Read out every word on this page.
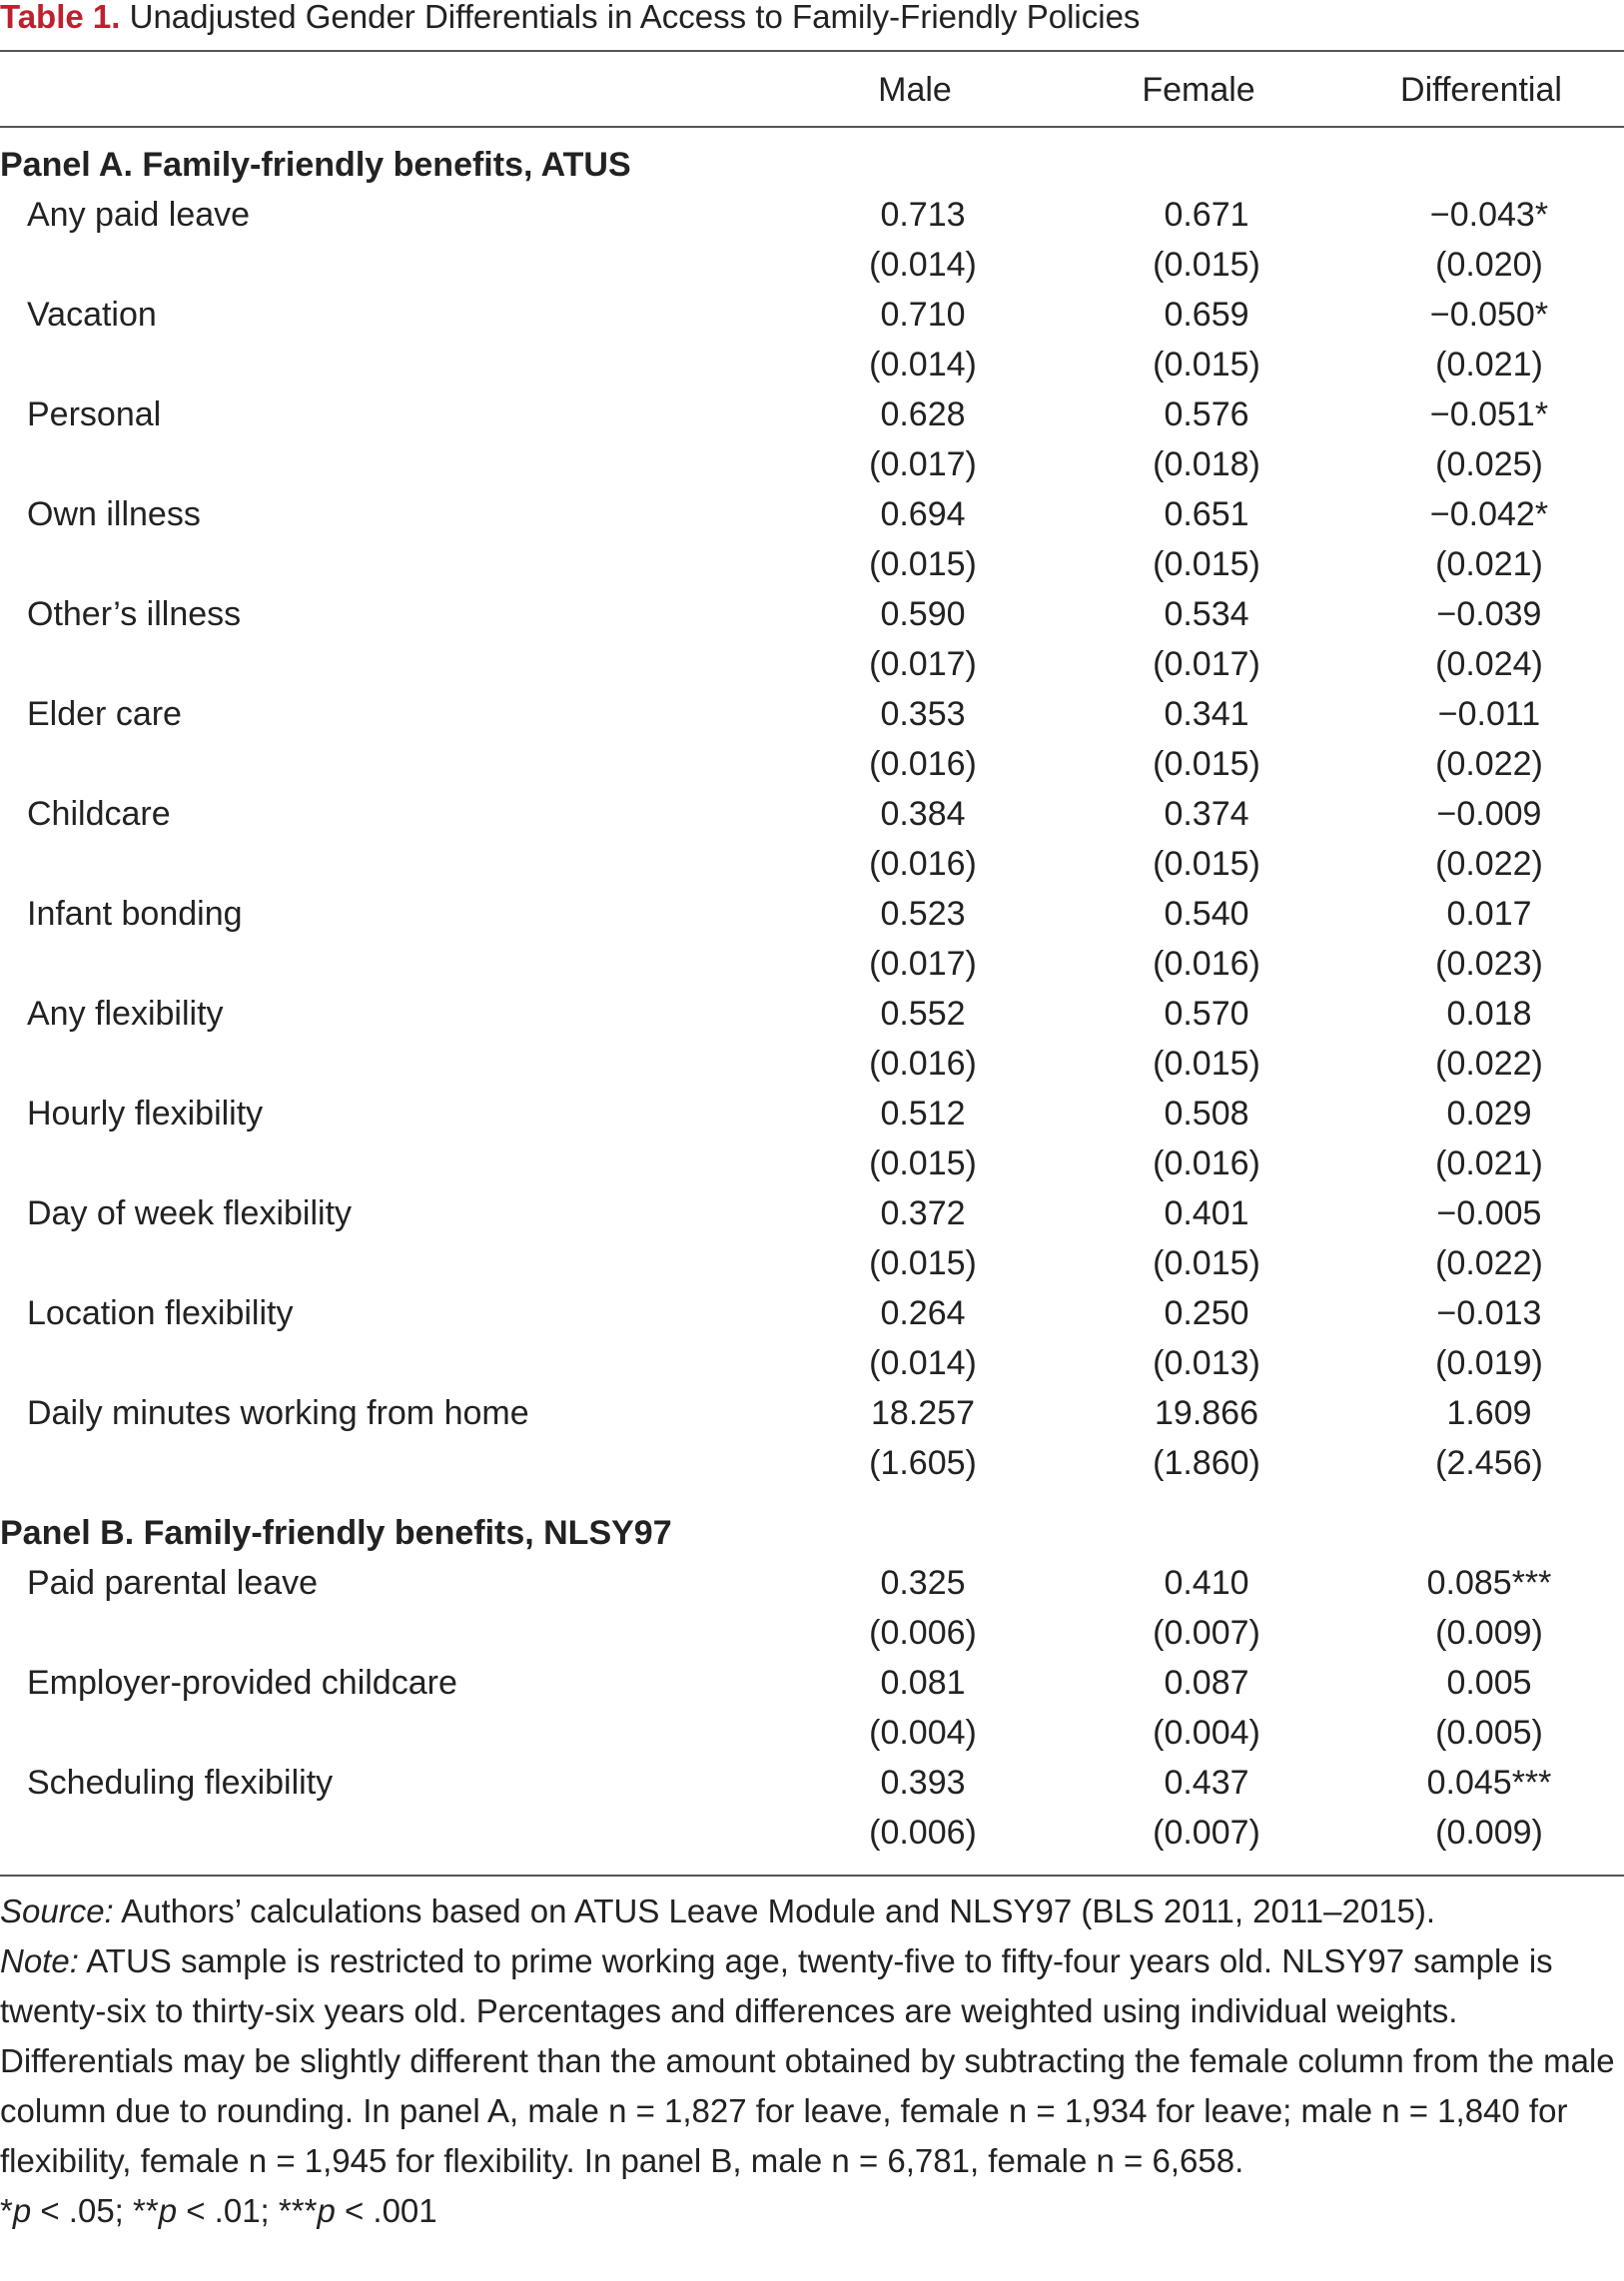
Table 1. Unadjusted Gender Differentials in Access to Family-Friendly Policies
Male	Female	Differential
Panel A. Family-friendly benefits, ATUS
Any paid leave	0.713	0.671	−0.043*
(0.014)	(0.015)	(0.020)
Vacation	0.710	0.659	−0.050*
(0.014)	(0.015)	(0.021)
Personal	0.628	0.576	−0.051*
(0.017)	(0.018)	(0.025)
Own illness	0.694	0.651	−0.042*
(0.015)	(0.015)	(0.021)
Other’s illness	0.590	0.534	−0.039
(0.017)	(0.017)	(0.024)
Elder care	0.353	0.341	−0.011
(0.016)	(0.015)	(0.022)
Childcare	0.384	0.374	−0.009
(0.016)	(0.015)	(0.022)
Infant bonding	0.523	0.540	0.017
(0.017)	(0.016)	(0.023)
Any flexibility	0.552	0.570	0.018
(0.016)	(0.015)	(0.022)
Hourly flexibility	0.512	0.508	0.029
(0.015)	(0.016)	(0.021)
Day of week flexibility	0.372	0.401	−0.005
(0.015)	(0.015)	(0.022)
Location flexibility	0.264	0.250	−0.013
(0.014)	(0.013)	(0.019)
Daily minutes working from home	18.257	19.866	1.609
(1.605)	(1.860)	(2.456)
Panel B. Family-friendly benefits, NLSY97
Paid parental leave	0.325	0.410	0.085***
(0.006)	(0.007)	(0.009)
Employer-provided childcare	0.081	0.087	0.005
(0.004)	(0.004)	(0.005)
Scheduling flexibility	0.393	0.437	0.045***
(0.006)	(0.007)	(0.009)

Source: Authors’ calculations based on ATUS Leave Module and NLSY97 (BLS 2011, 2011–2015).

Note: ATUS sample is restricted to prime working age, twenty-five to fifty-four years old. NLSY97 sample is twenty-six to thirty-six years old. Percentages and differences are weighted using individual weights. Differentials may be slightly different than the amount obtained by subtracting the female column from the male column due to rounding. In panel A, male n = 1,827 for leave, female n = 1,934 for leave; male n = 1,840 for flexibility, female n = 1,945 for flexibility. In panel B, male n = 6,781, female n = 6,658.

*p < .05; **p < .01; ***p < .001
